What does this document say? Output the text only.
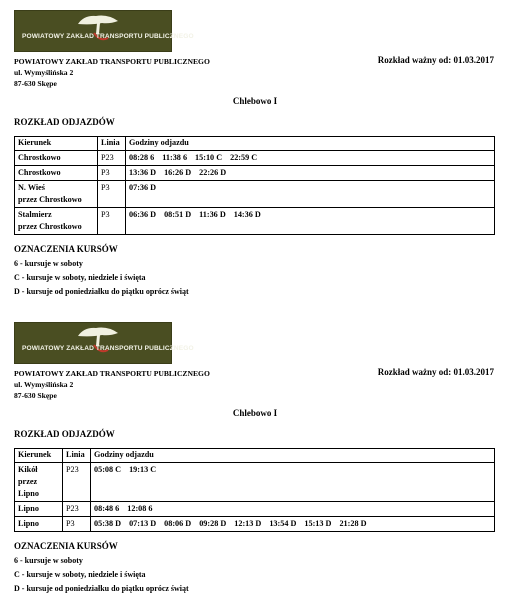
POWIATOWY ZAKŁAD TRANSPORTU PUBLICZNEGO
POWIATOWY ZAKŁAD TRANSPORTU PUBLICZNEGO
ul. Wymyślińska 2
87-630 Skępe
Rozkład ważny od: 01.03.2017
Chlebowo I
ROZKŁAD ODJAZDÓW
Kierunek	Linia	Godziny odjazdu

Chrostkowo	P23	08:28 6 11:38 6 15:10 C 22:59 C

Chrostkowo	P3	13:36 D 16:26 D 22:26 D

N. Wieś
przez Chrostkowo	P3	07:36 D

Stalmierz
przez Chrostkowo	P3	06:36 D 08:51 D 11:36 D 14:36 D
OZNACZENIA KURSÓW
6 - kursuje w soboty
C - kursuje w soboty, niedziele i święta
D - kursuje od poniedziałku do piątku oprócz świąt
POWIATOWY ZAKŁAD TRANSPORTU PUBLICZNEGO
POWIATOWY ZAKŁAD TRANSPORTU PUBLICZNEGO
ul. Wymyślińska 2
87-630 Skępe
Rozkład ważny od: 01.03.2017
Chlebowo I
ROZKŁAD ODJAZDÓW
Kierunek	Linia	Godziny odjazdu

Kikół
przez Lipno	P23	05:08 C 19:13 C

Lipno	P23	08:48 6 12:08 6

Lipno	P3	05:38 D 07:13 D 08:06 D 09:28 D 12:13 D 13:54 D 15:13 D 21:28 D
OZNACZENIA KURSÓW
6 - kursuje w soboty
C - kursuje w soboty, niedziele i święta
D - kursuje od poniedziałku do piątku oprócz świąt
